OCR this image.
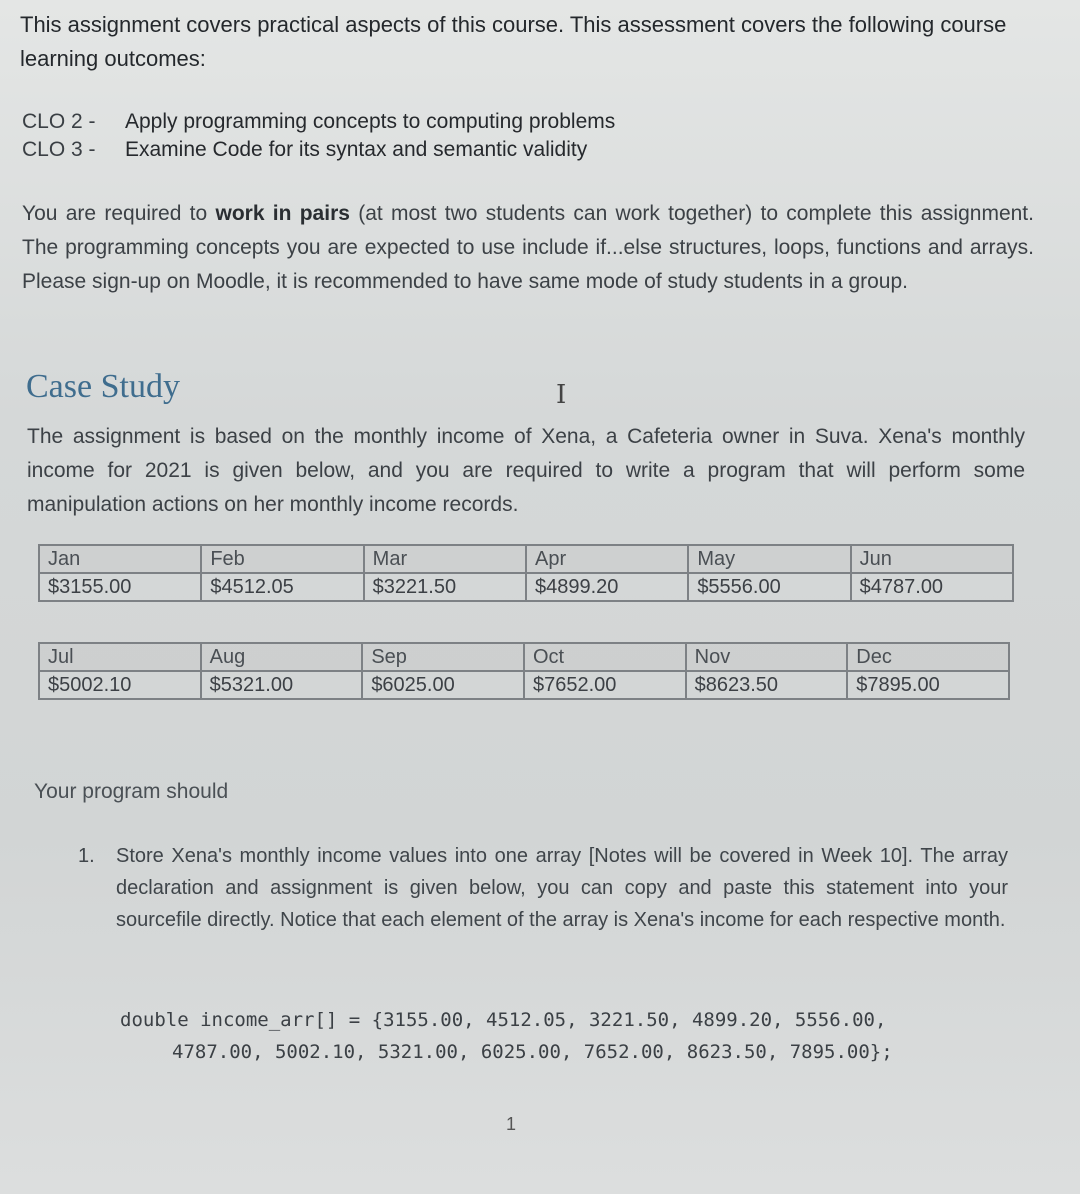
This assignment covers practical aspects of this course. This assessment covers the following course learning outcomes:
CLO 2 - Apply programming concepts to computing problems
CLO 3 - Examine Code for its syntax and semantic validity
You are required to work in pairs (at most two students can work together) to complete this assignment. The programming concepts you are expected to use include if...else structures, loops, functions and arrays. Please sign-up on Moodle, it is recommended to have same mode of study students in a group.
Case Study	I
The assignment is based on the monthly income of Xena, a Cafeteria owner in Suva. Xena's monthly income for 2021 is given below, and you are required to write a program that will perform some manipulation actions on her monthly income records.
Jan	Feb	Mar	Apr	May	Jun
$3155.00	$4512.05	$3221.50	$4899.20	$5556.00	$4787.00
Jul	Aug	Sep	Oct	Nov	Dec
$5002.10	$5321.00	$6025.00	$7652.00	$8623.50	$7895.00
Your program should
1. Store Xena's monthly income values into one array [Notes will be covered in Week 10]. The array declaration and assignment is given below, you can copy and paste this statement into your sourcefile directly. Notice that each element of the array is Xena's income for each respective month.
double income_arr[] = {3155.00, 4512.05, 3221.50, 4899.20, 5556.00,
4787.00, 5002.10, 5321.00, 6025.00, 7652.00, 8623.50, 7895.00};
1
